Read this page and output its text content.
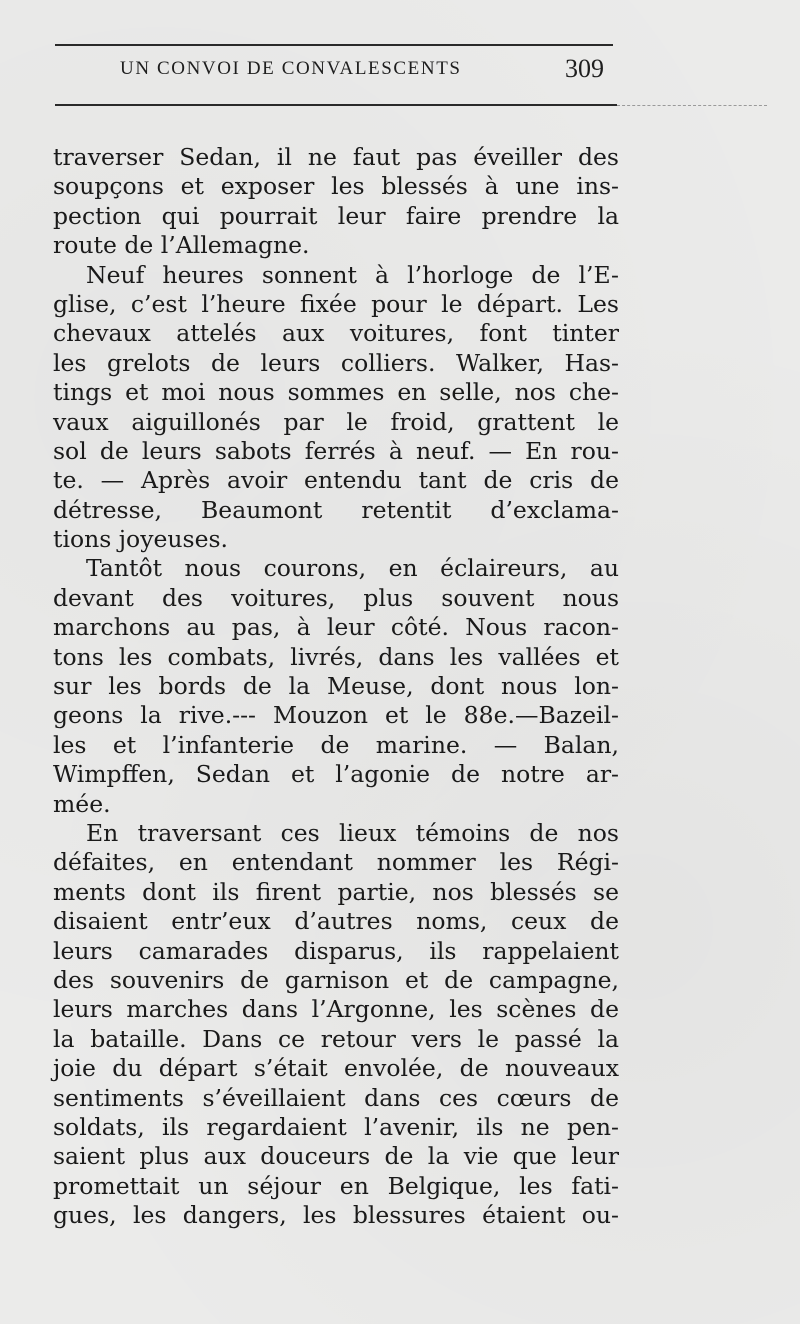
UN CONVOI DE CONVALESCENTS	309
traverser Sedan, il ne faut pas éveiller des
soupçons et exposer les blessés à une ins-
pection qui pourrait leur faire prendre la
route de l’Allemagne.
Neuf heures sonnent à l’horloge de l’E-
glise, c’est l’heure fixée pour le départ. Les
chevaux attelés aux voitures, font tinter
les grelots de leurs colliers. Walker, Has-
tings et moi nous sommes en selle, nos che-
vaux aiguillonés par le froid, grattent le
sol de leurs sabots ferrés à neuf. — En rou-
te. — Après avoir entendu tant de cris de
détresse, Beaumont retentit d’exclama-
tions joyeuses.
Tantôt nous courons, en éclaireurs, au
devant des voitures, plus souvent nous
marchons au pas, à leur côté. Nous racon-
tons les combats, livrés, dans les vallées et
sur les bords de la Meuse, dont nous lon-
geons la rive.--- Mouzon et le 88e.—Bazeil-
les et l’infanterie de marine. — Balan,
Wimpffen, Sedan et l’agonie de notre ar-
mée.
En traversant ces lieux témoins de nos
défaites, en entendant nommer les Régi-
ments dont ils firent partie, nos blessés se
disaient entr’eux d’autres noms, ceux de
leurs camarades disparus, ils rappelaient
des souvenirs de garnison et de campagne,
leurs marches dans l’Argonne, les scènes de
la bataille. Dans ce retour vers le passé la
joie du départ s’était envolée, de nouveaux
sentiments s’éveillaient dans ces cœurs de
soldats, ils regardaient l’avenir, ils ne pen-
saient plus aux douceurs de la vie que leur
promettait un séjour en Belgique, les fati-
gues, les dangers, les blessures étaient ou-
